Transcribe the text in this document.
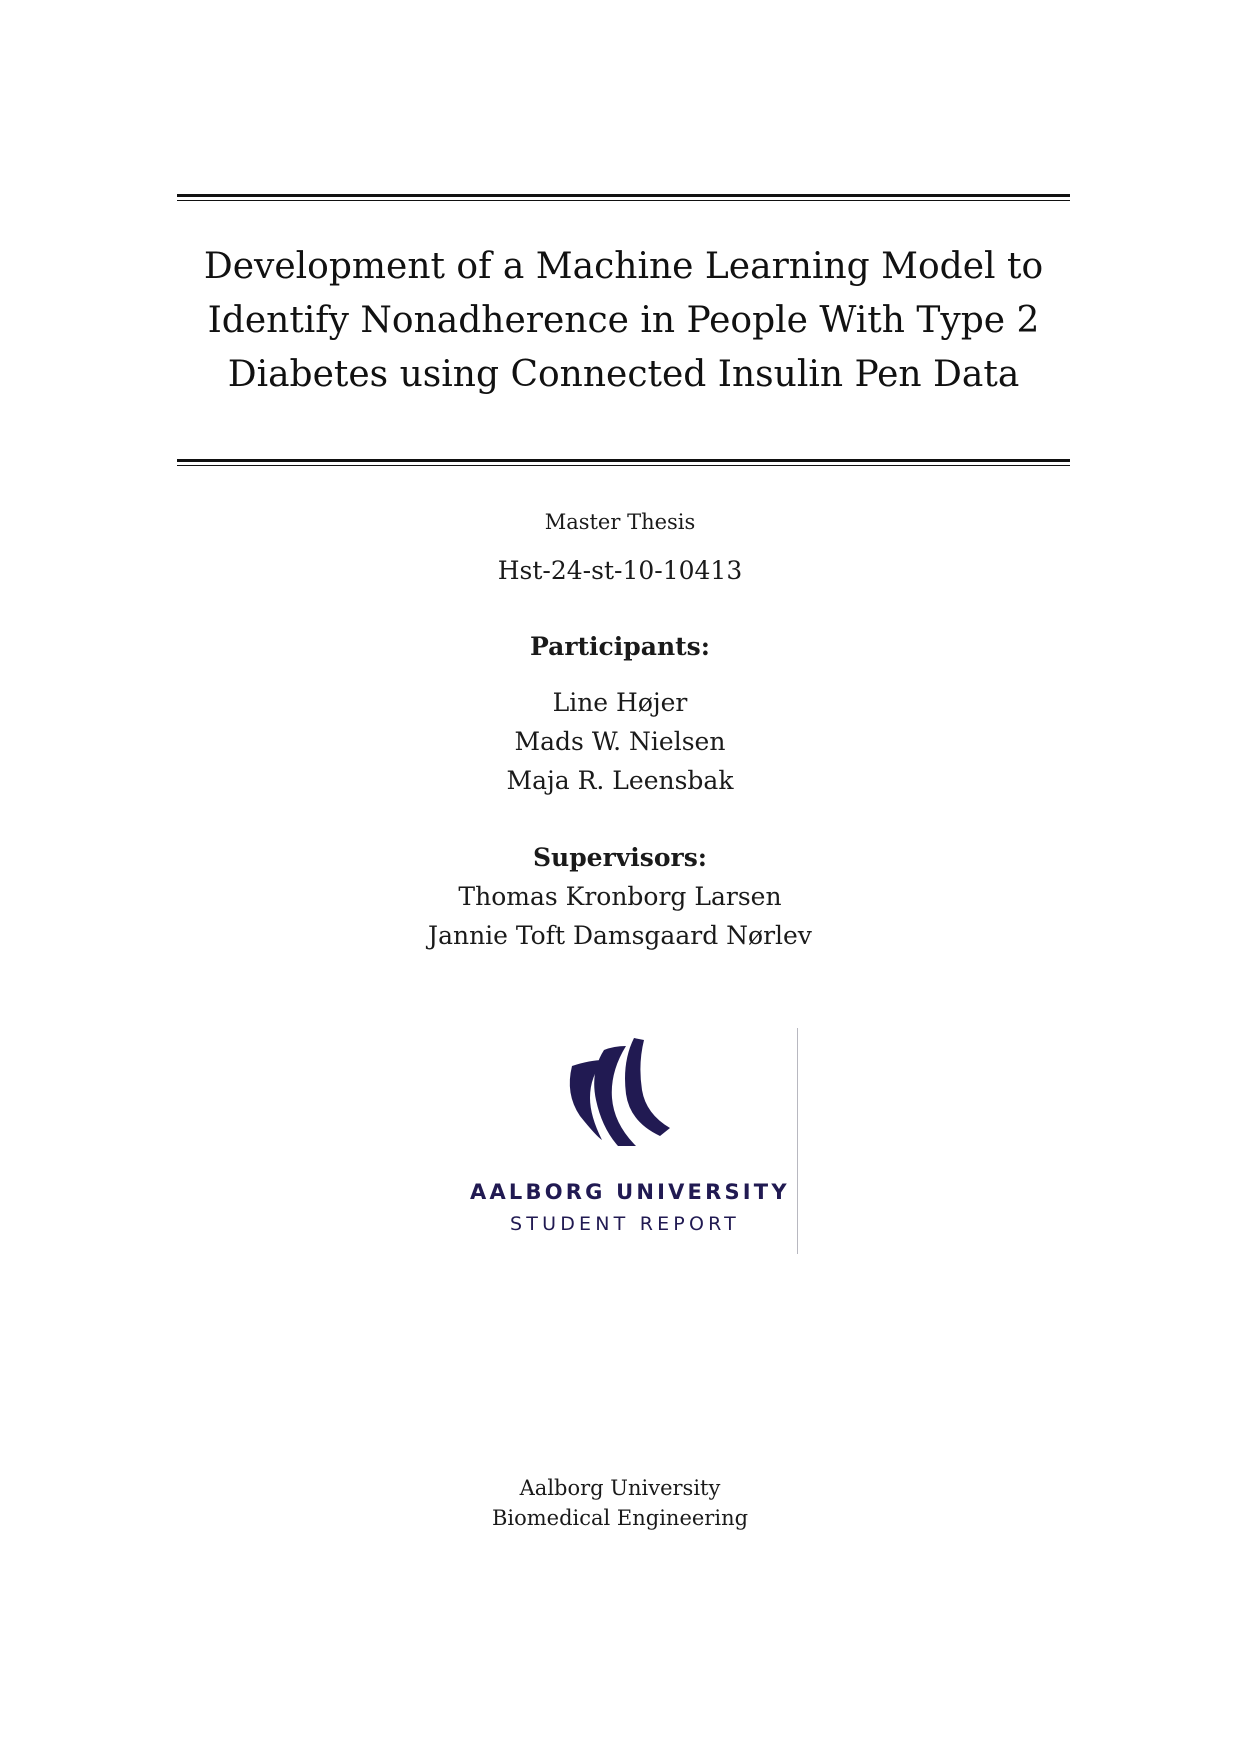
Development of a Machine Learning Model to
Identify Nonadherence in People With Type 2
Diabetes using Connected Insulin Pen Data
Master Thesis
Hst-24-st-10-10413
Participants:
Line Højer
Mads W. Nielsen
Maja R. Leensbak
Supervisors:
Thomas Kronborg Larsen
Jannie Toft Damsgaard Nørlev
AALBORG UNIVERSITY
STUDENT REPORT
Aalborg University
Biomedical Engineering
